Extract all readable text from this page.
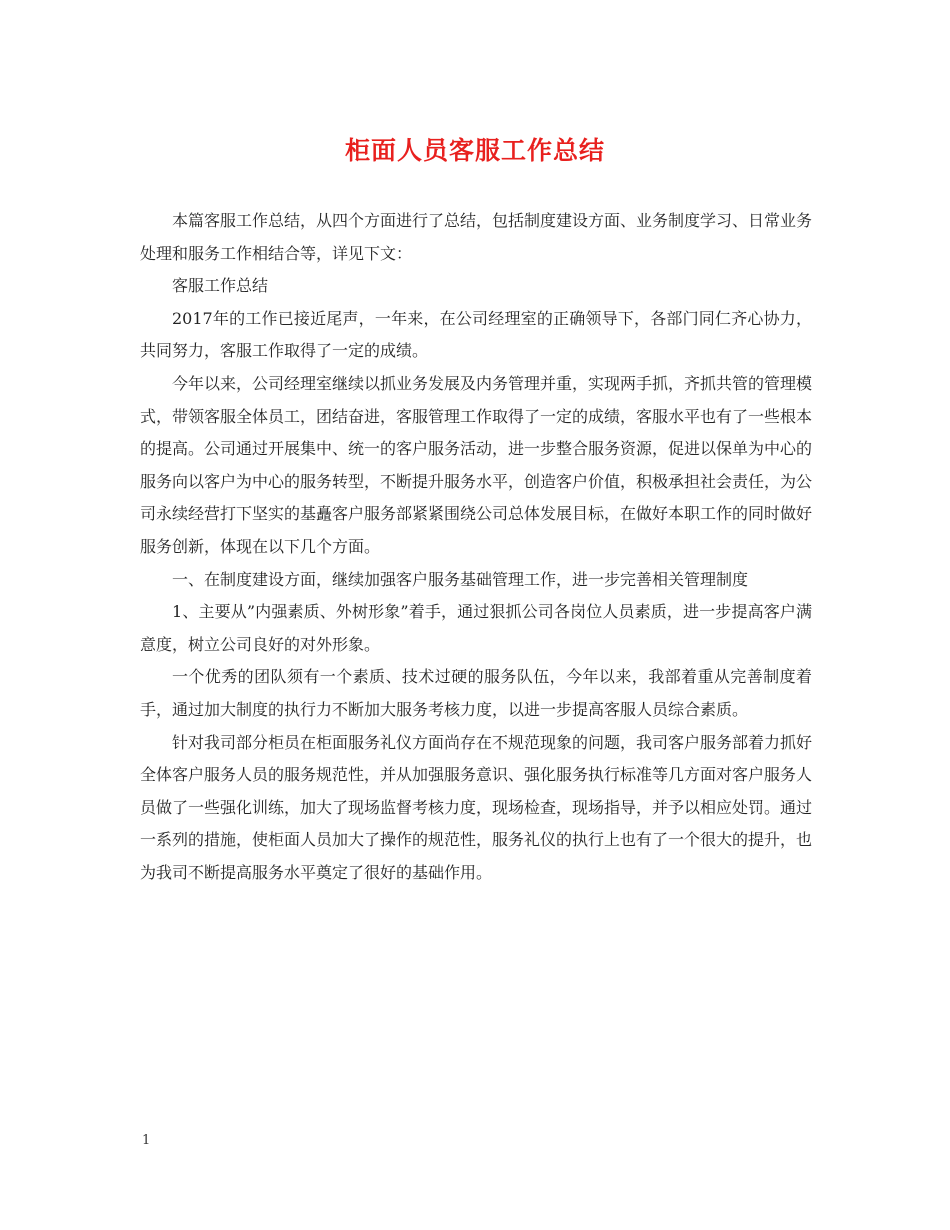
柜面人员客服工作总结

本篇客服工作总结，从四个方面进行了总结，包括制度建设方面、业务制度学习、日常业务处理和服务工作相结合等，详见下文：

客服工作总结

2017年的工作已接近尾声，一年来，在公司经理室的正确领导下，各部门同仁齐心协力，共同努力，客服工作取得了一定的成绩。

今年以来，公司经理室继续以抓业务发展及内务管理并重，实现两手抓，齐抓共管的管理模式，带领客服全体员工，团结奋进，客服管理工作取得了一定的成绩，客服水平也有了一些根本的提高。公司通过开展集中、统一的客户服务活动，进一步整合服务资源，促进以保单为中心的服务向以客户为中心的服务转型，不断提升服务水平，创造客户价值，积极承担社会责任，为公司永续经营打下坚实的基矗客户服务部紧紧围绕公司总体发展目标，在做好本职工作的同时做好服务创新，体现在以下几个方面。

一、在制度建设方面，继续加强客户服务基础管理工作，进一步完善相关管理制度

1、主要从”内强素质、外树形象”着手，通过狠抓公司各岗位人员素质，进一步提高客户满意度，树立公司良好的对外形象。

一个优秀的团队须有一个素质、技术过硬的服务队伍，今年以来，我部着重从完善制度着手，通过加大制度的执行力不断加大服务考核力度，以进一步提高客服人员综合素质。

针对我司部分柜员在柜面服务礼仪方面尚存在不规范现象的问题，我司客户服务部着力抓好全体客户服务人员的服务规范性，并从加强服务意识、强化服务执行标准等几方面对客户服务人员做了一些强化训练，加大了现场监督考核力度，现场检查，现场指导，并予以相应处罚。通过一系列的措施，使柜面人员加大了操作的规范性，服务礼仪的执行上也有了一个很大的提升，也为我司不断提高服务水平奠定了很好的基础作用。

1
